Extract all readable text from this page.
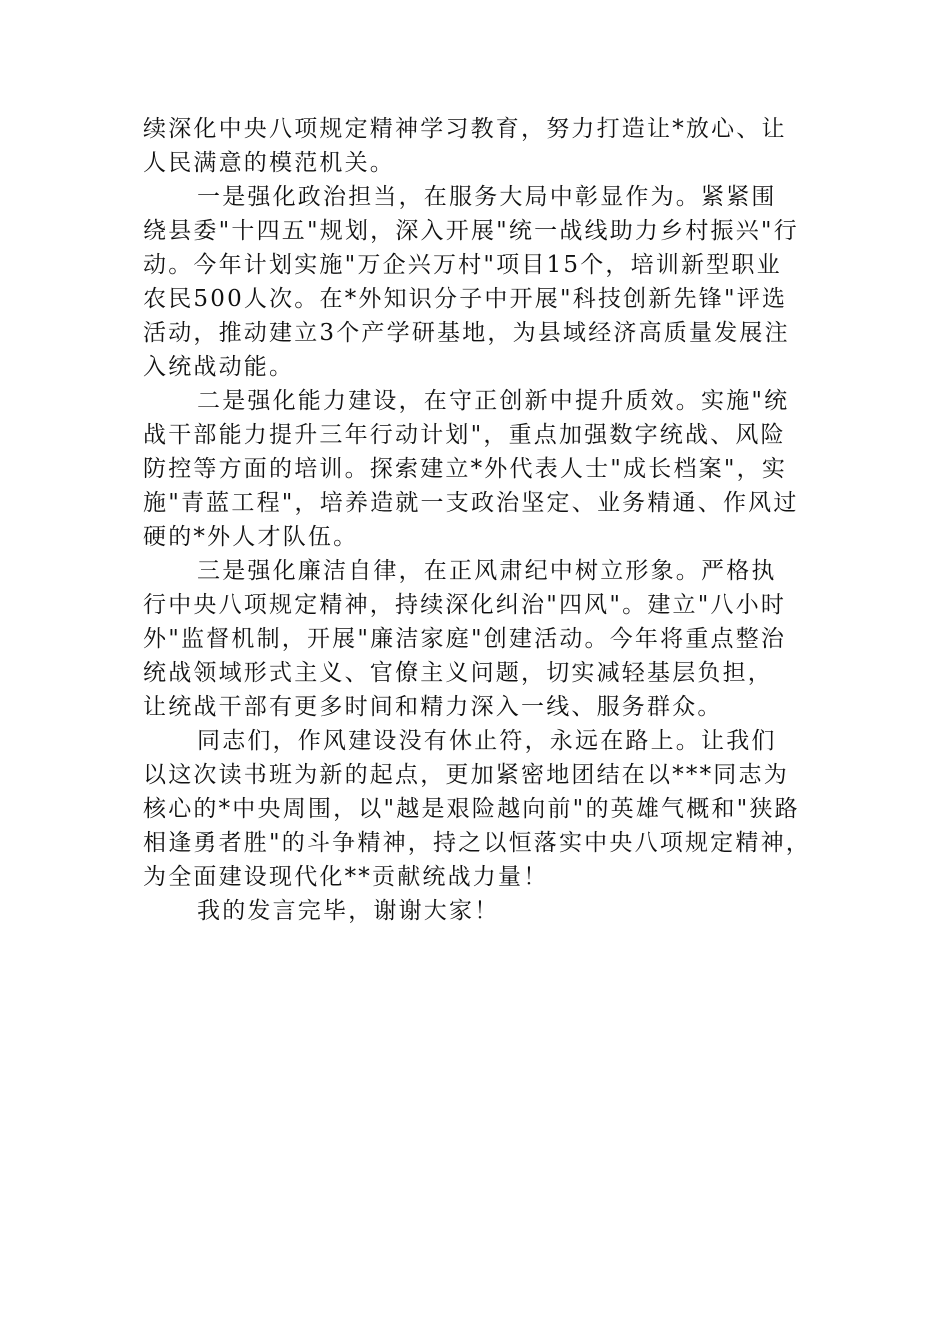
续深化中央八项规定精神学习教育，努力打造让*放心、让
人民满意的模范机关。
一是强化政治担当，在服务大局中彰显作为。紧紧围
绕县委"十四五"规划，深入开展"统一战线助力乡村振兴"行
动。今年计划实施"万企兴万村"项目15个，培训新型职业
农民500人次。在*外知识分子中开展"科技创新先锋"评选
活动，推动建立3个产学研基地，为县域经济高质量发展注
入统战动能。
二是强化能力建设，在守正创新中提升质效。实施"统
战干部能力提升三年行动计划"，重点加强数字统战、风险
防控等方面的培训。探索建立*外代表人士"成长档案"，实
施"青蓝工程"，培养造就一支政治坚定、业务精通、作风过
硬的*外人才队伍。
三是强化廉洁自律，在正风肃纪中树立形象。严格执
行中央八项规定精神，持续深化纠治"四风"。建立"八小时
外"监督机制，开展"廉洁家庭"创建活动。今年将重点整治
统战领域形式主义、官僚主义问题，切实减轻基层负担，
让统战干部有更多时间和精力深入一线、服务群众。
同志们，作风建设没有休止符，永远在路上。让我们
以这次读书班为新的起点，更加紧密地团结在以***同志为
核心的*中央周围，以"越是艰险越向前"的英雄气概和"狭路
相逢勇者胜"的斗争精神，持之以恒落实中央八项规定精神，
为全面建设现代化**贡献统战力量！
我的发言完毕，谢谢大家！
